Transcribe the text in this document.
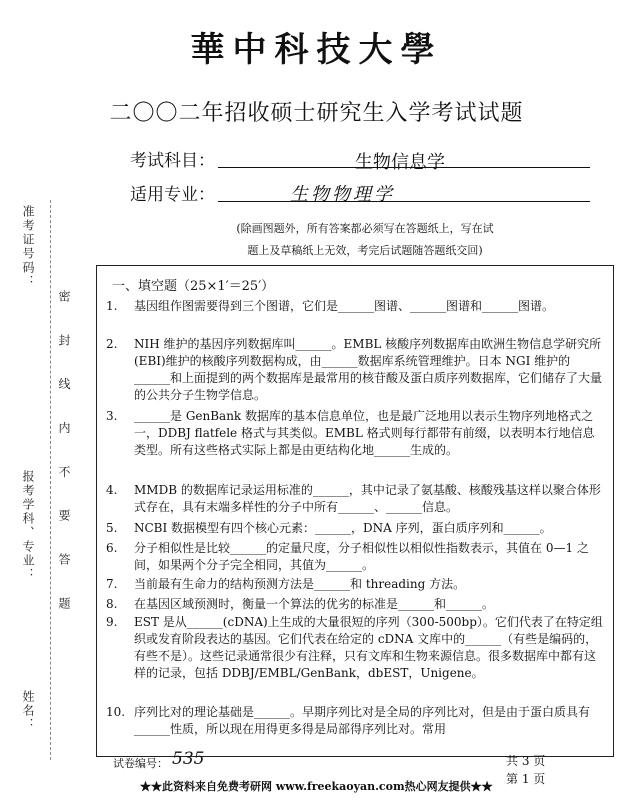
准考证号码：
密 封 线 内 不 要 答 题
报考学科、专业：
姓名：
華中科技大學
二〇〇二年招收硕士研究生入学考试试题
考试科目：	生物信息学
适用专业：	生物物理学
(除画图题外，所有答案都必须写在答题纸上，写在试
题上及草稿纸上无效，考完后试题随答题纸交回)
一、填空题（25×1′＝25′）
1. 基因组作图需要得到三个图谱，它们是______图谱、______图谱和______图谱。
2. NIH 维护的基因序列数据库叫______。EMBL 核酸序列数据库由欧洲生物信息学研究所(EBI)维护的核酸序列数据构成，由______数据库系统管理维护。日本 NGI 维护的______和上面提到的两个数据库是最常用的核苷酸及蛋白质序列数据库，它们储存了大量的公共分子生物学信息。
3. ______是 GenBank 数据库的基本信息单位，也是最广泛地用以表示生物序列地格式之一，DDBJ flatfele 格式与其类似。EMBL 格式则每行都带有前缀，以表明本行地信息类型。所有这些格式实际上都是由更结构化地______生成的。
4. MMDB 的数据库记录运用标准的______，其中记录了氨基酸、核酸残基这样以聚合体形式存在，具有末端多样性的分子中所有______、______信息。
5. NCBI 数据模型有四个核心元素：______，DNA 序列，蛋白质序列和______。
6. 分子相似性是比较______的定量尺度，分子相似性以相似性指数表示，其值在 0—1 之间，如果两个分子完全相同，其值为______。
7. 当前最有生命力的结构预测方法是______和 threading 方法。
8. 在基因区域预测时，衡量一个算法的优劣的标准是______和______。
9. EST 是从______(cDNA)上生成的大量很短的序列（300-500bp）。它们代表了在特定组织或发育阶段表达的基因。它们代表在给定的 cDNA 文库中的______（有些是编码的，有些不是）。这些记录通常很少有注释，只有文库和生物来源信息。很多数据库中都有这样的记录，包括 DDBJ/EMBL/GenBank，dbEST，Unigene。
10. 序列比对的理论基础是______。早期序列比对是全局的序列比对，但是由于蛋白质具有______性质，所以现在用得更多得是局部得序列比对。常用
试卷编号： 535	共 3 页
第 1 页
★★此资料来自免费考研网 www.freekaoyan.com热心网友提供★★
